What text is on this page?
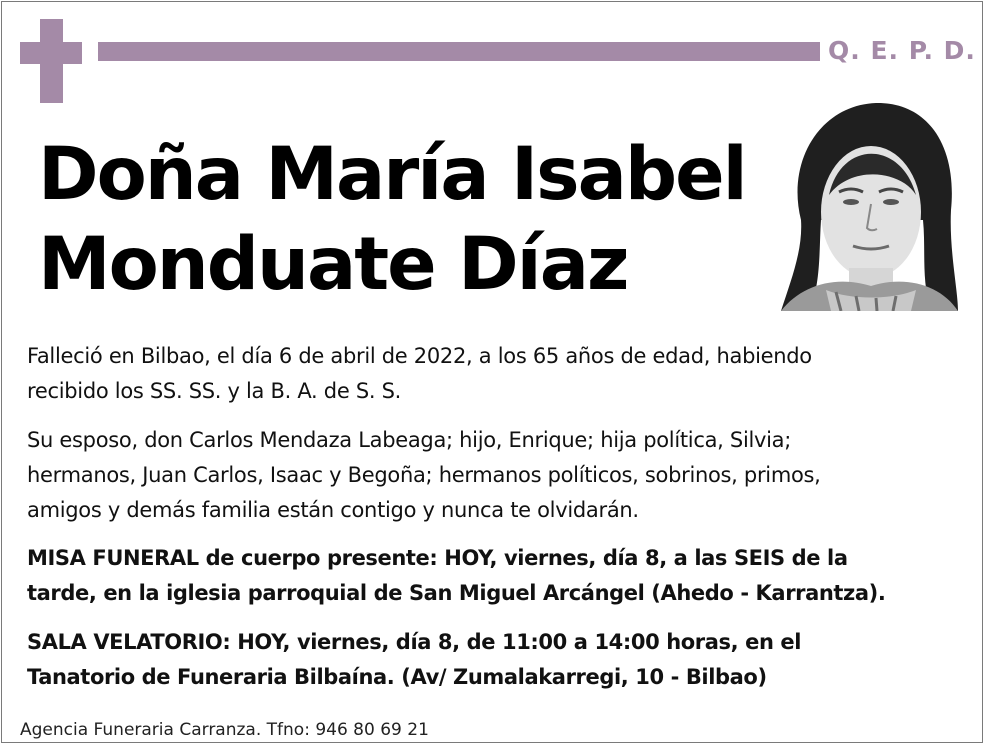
Q. E. P. D.
Doña María Isabel
Monduate Díaz
Falleció en Bilbao, el día 6 de abril de 2022, a los 65 años de edad, habiendo
recibido los SS. SS. y la B. A. de S. S.
Su esposo, don Carlos Mendaza Labeaga; hijo, Enrique; hija política, Silvia;
hermanos, Juan Carlos, Isaac y Begoña; hermanos políticos, sobrinos, primos,
amigos y demás familia están contigo y nunca te olvidarán.
MISA FUNERAL de cuerpo presente: HOY, viernes, día 8, a las SEIS de la
tarde, en la iglesia parroquial de San Miguel Arcángel (Ahedo - Karrantza).
SALA VELATORIO: HOY, viernes, día 8, de 11:00 a 14:00 horas, en el
Tanatorio de Funeraria Bilbaína. (Av/ Zumalakarregi, 10 - Bilbao)
Agencia Funeraria Carranza. Tfno: 946 80 69 21
